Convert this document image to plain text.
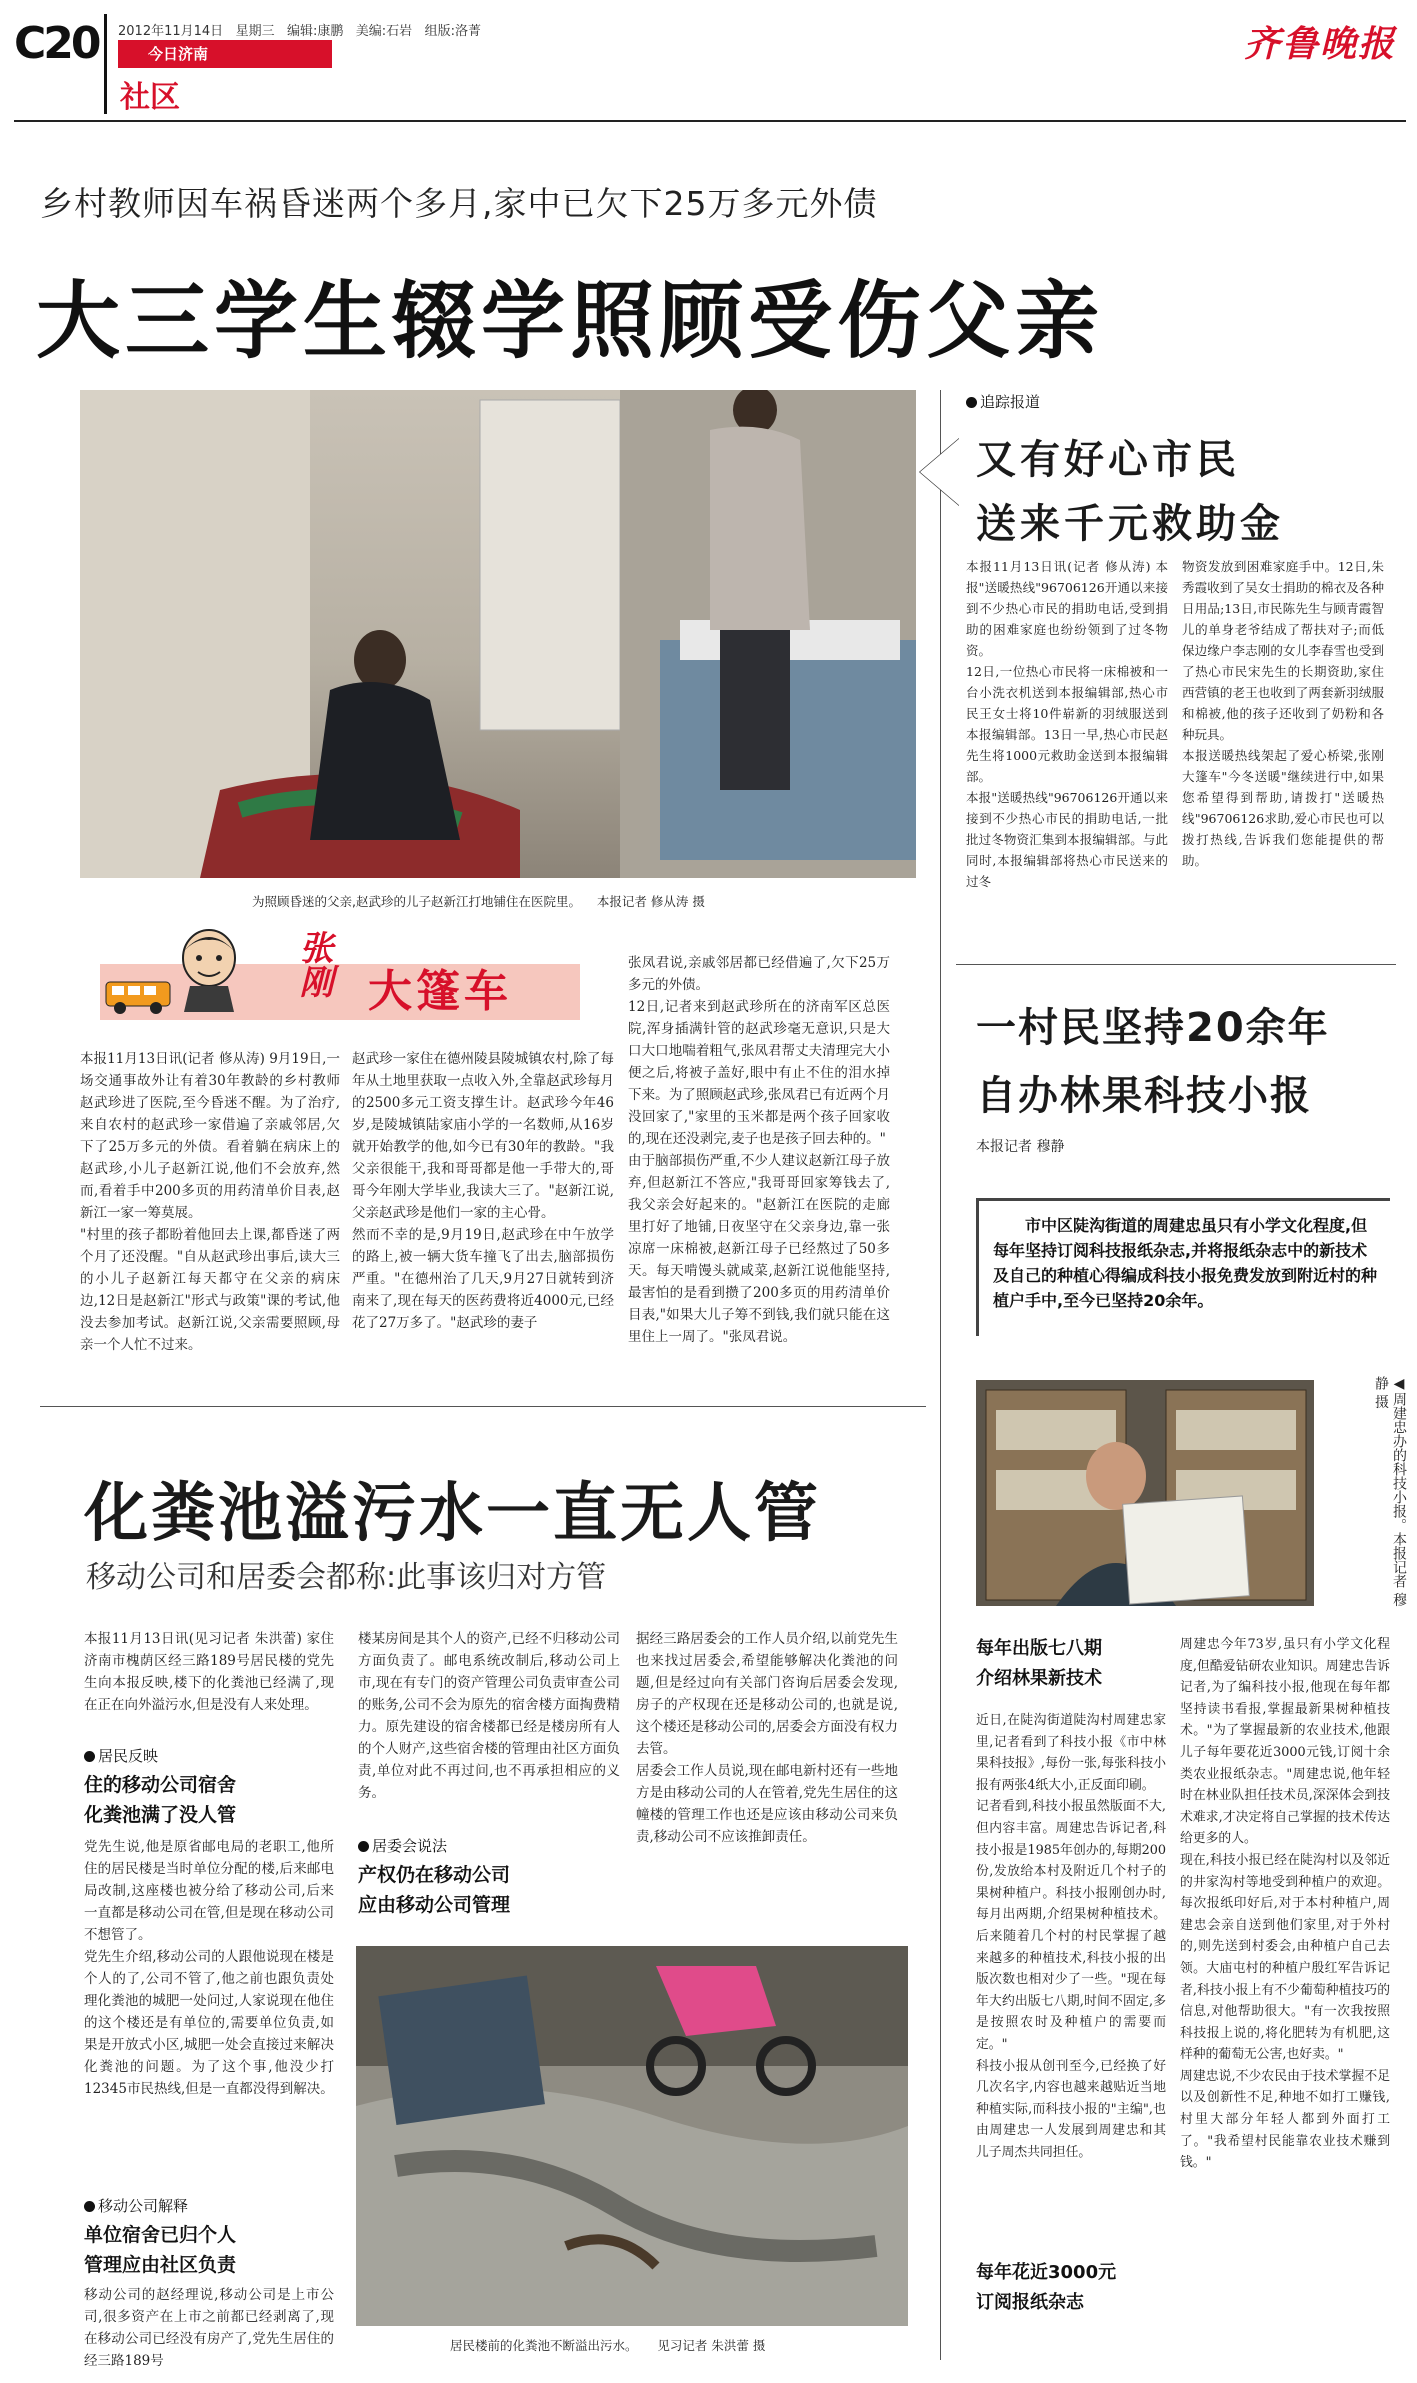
C20 2012年11月14日 星期三 编辑:康鹏 美编:石岩 组版:洛菁
今日济南
社区
齐鲁晚报
乡村教师因车祸昏迷两个多月,家中已欠下25万多元外债
大三学生辍学照顾受伤父亲
为照顾昏迷的父亲,赵武珍的儿子赵新江打地铺住在医院里。 本报记者 修从涛 摄
张刚 大篷车
本报11月13日讯(记者 修从涛) 9月19日,一场交通事故外让有着30年教龄的乡村教师赵武珍进了医院,至今昏迷不醒。为了治疗,来自农村的赵武珍一家借遍了亲戚邻居,欠下了25万多元的外债。看着躺在病床上的赵武珍,小儿子赵新江说,他们不会放弃,然而,看着手中200多页的用药清单价目表,赵新江一家一筹莫展。
"村里的孩子都盼着他回去上课,都昏迷了两个月了还没醒。"自从赵武珍出事后,读大三的小儿子赵新江每天都守在父亲的病床边,12日是赵新江"形式与政策"课的考试,他没去参加考试。赵新江说,父亲需要照顾,母亲一个人忙不过来。
赵武珍一家住在德州陵县陵城镇农村,除了每年从土地里获取一点收入外,全靠赵武珍每月的2500多元工资支撑生计。赵武珍今年46岁,是陵城镇陆家庙小学的一名数师,从16岁就开始教学的他,如今已有30年的教龄。"我父亲很能干,我和哥哥都是他一手带大的,哥哥今年刚大学毕业,我读大三了。"赵新江说,父亲赵武珍是他们一家的主心骨。
然而不幸的是,9月19日,赵武珍在中午放学的路上,被一辆大货车撞飞了出去,脑部损伤严重。"在德州治了几天,9月27日就转到济南来了,现在每天的医药费将近4000元,已经花了27万多了。"赵武珍的妻子
张凤君说,亲戚邻居都已经借遍了,欠下25万多元的外债。
12日,记者来到赵武珍所在的济南军区总医院,浑身插满针管的赵武珍毫无意识,只是大口大口地喘着粗气,张凤君帮丈夫清理完大小便之后,将被子盖好,眼中有止不住的泪水掉下来。为了照顾赵武珍,张凤君已有近两个月没回家了,"家里的玉米都是两个孩子回家收的,现在还没剥完,麦子也是孩子回去种的。"
由于脑部损伤严重,不少人建议赵新江母子放弃,但赵新江不答应,"我哥哥回家筹钱去了,我父亲会好起来的。"赵新江在医院的走廊里打好了地铺,日夜坚守在父亲身边,靠一张凉席一床棉被,赵新江母子已经熬过了50多天。每天啃馒头就咸菜,赵新江说他能坚持,最害怕的是看到攒了200多页的用药清单价目表,"如果大儿子筹不到钱,我们就只能在这里住上一周了。"张凤君说。
追踪报道
又有好心市民
送来千元救助金
本报11月13日讯(记者 修从涛) 本报"送暖热线"96706126开通以来接到不少热心市民的捐助电话,受到捐助的困难家庭也纷纷领到了过冬物资。
12日,一位热心市民将一床棉被和一台小洗衣机送到本报编辑部,热心市民王女士将10件崭新的羽绒服送到本报编辑部。13日一早,热心市民赵先生将1000元救助金送到本报编辑部。
本报"送暖热线"96706126开通以来接到不少热心市民的捐助电话,一批批过冬物资汇集到本报编辑部。与此同时,本报编辑部将热心市民送来的过冬
物资发放到困难家庭手中。12日,朱秀霞收到了吴女士捐助的棉衣及各种日用品;13日,市民陈先生与顾青霞智儿的单身老爷结成了帮扶对子;而低保边缘户李志刚的女儿李春雪也受到了热心市民宋先生的长期资助,家住西营镇的老王也收到了两套新羽绒服和棉被,他的孩子还收到了奶粉和各种玩具。
本报送暖热线架起了爱心桥梁,张刚大篷车"今冬送暖"继续进行中,如果您希望得到帮助,请拨打"送暖热线"96706126求助,爱心市民也可以拨打热线,告诉我们您能提供的帮助。
一村民坚持20余年
自办林果科技小报
本报记者 穆静
市中区陡沟街道的周建忠虽只有小学文化程度,但每年坚持订阅科技报纸杂志,并将报纸杂志中的新技术及自己的种植心得编成科技小报免费发放到附近村的种植户手中,至今已坚持20余年。
◀周建忠办的科技小报。本报记者 穆静 摄
每年出版七八期
介绍林果新技术
近日,在陡沟街道陡沟村周建忠家里,记者看到了科技小报《市中林果科技报》,每份一张,每张科技小报有两张4纸大小,正反面印刷。
记者看到,科技小报虽然版面不大,但内容丰富。周建忠告诉记者,科技小报是1985年创办的,每期200份,发放给本村及附近几个村子的果树种植户。科技小报刚创办时,每月出两期,介绍果树种植技术。后来随着几个村的村民掌握了越来越多的种植技术,科技小报的出版次数也相对少了一些。"现在每年大约出版七八期,时间不固定,多是按照农时及种植户的需要而定。"
科技小报从创刊至今,已经换了好几次名字,内容也越来越贴近当地种植实际,而科技小报的"主编",也由周建忠一人发展到周建忠和其儿子周杰共同担任。
每年花近3000元
订阅报纸杂志
周建忠今年73岁,虽只有小学文化程度,但酷爱钻研农业知识。周建忠告诉记者,为了编科技小报,他现在每年都坚持读书看报,掌握最新果树种植技术。"为了掌握最新的农业技术,他跟儿子每年要花近3000元钱,订阅十余类农业报纸杂志。"周建忠说,他年轻时在林业队担任技术员,深深体会到技术难求,才决定将自己掌握的技术传达给更多的人。
现在,科技小报已经在陡沟村以及邻近的井家沟村等地受到种植户的欢迎。每次报纸印好后,对于本村种植户,周建忠会亲自送到他们家里,对于外村的,则先送到村委会,由种植户自己去领。大庙屯村的种植户殷红军告诉记者,科技小报上有不少葡萄种植技巧的信息,对他帮助很大。"有一次我按照科技报上说的,将化肥转为有机肥,这样种的葡萄无公害,也好卖。"
周建忠说,不少农民由于技术掌握不足以及创新性不足,种地不如打工赚钱,村里大部分年轻人都到外面打工了。"我希望村民能靠农业技术赚到钱。"
化粪池溢污水一直无人管
移动公司和居委会都称:此事该归对方管
本报11月13日讯(见习记者 朱洪蕾) 家住济南市槐荫区经三路189号居民楼的党先生向本报反映,楼下的化粪池已经满了,现在正在向外溢污水,但是没有人来处理。
居民反映
住的移动公司宿舍
化粪池满了没人管
党先生说,他是原省邮电局的老职工,他所住的居民楼是当时单位分配的楼,后来邮电局改制,这座楼也被分给了移动公司,后来一直都是移动公司在管,但是现在移动公司不想管了。
党先生介绍,移动公司的人跟他说现在楼是个人的了,公司不管了,他之前也跟负责处理化粪池的城肥一处问过,人家说现在他住的这个楼还是有单位的,需要单位负责,如果是开放式小区,城肥一处会直接过来解决化粪池的问题。为了这个事,他没少打12345市民热线,但是一直都没得到解决。
移动公司解释
单位宿舍已归个人
管理应由社区负责
移动公司的赵经理说,移动公司是上市公司,很多资产在上市之前都已经剥离了,现在移动公司已经没有房产了,党先生居住的经三路189号
楼某房间是其个人的资产,已经不归移动公司方面负责了。邮电系统改制后,移动公司上市,现在有专门的资产管理公司负责审查公司的账务,公司不会为原先的宿舍楼方面掏费精力。原先建设的宿舍楼都已经是楼房所有人的个人财产,这些宿舍楼的管理由社区方面负责,单位对此不再过问,也不再承担相应的义务。
居委会说法
产权仍在移动公司
应由移动公司管理
据经三路居委会的工作人员介绍,以前党先生也来找过居委会,希望能够解决化粪池的问题,但是经过向有关部门咨询后居委会发现,房子的产权现在还是移动公司的,也就是说,这个楼还是移动公司的,居委会方面没有权力去管。
居委会工作人员说,现在邮电新村还有一些地方是由移动公司的人在管着,党先生居住的这幢楼的管理工作也还是应该由移动公司来负责,移动公司不应该推卸责任。
居民楼前的化粪池不断溢出污水。 见习记者 朱洪蕾 摄
